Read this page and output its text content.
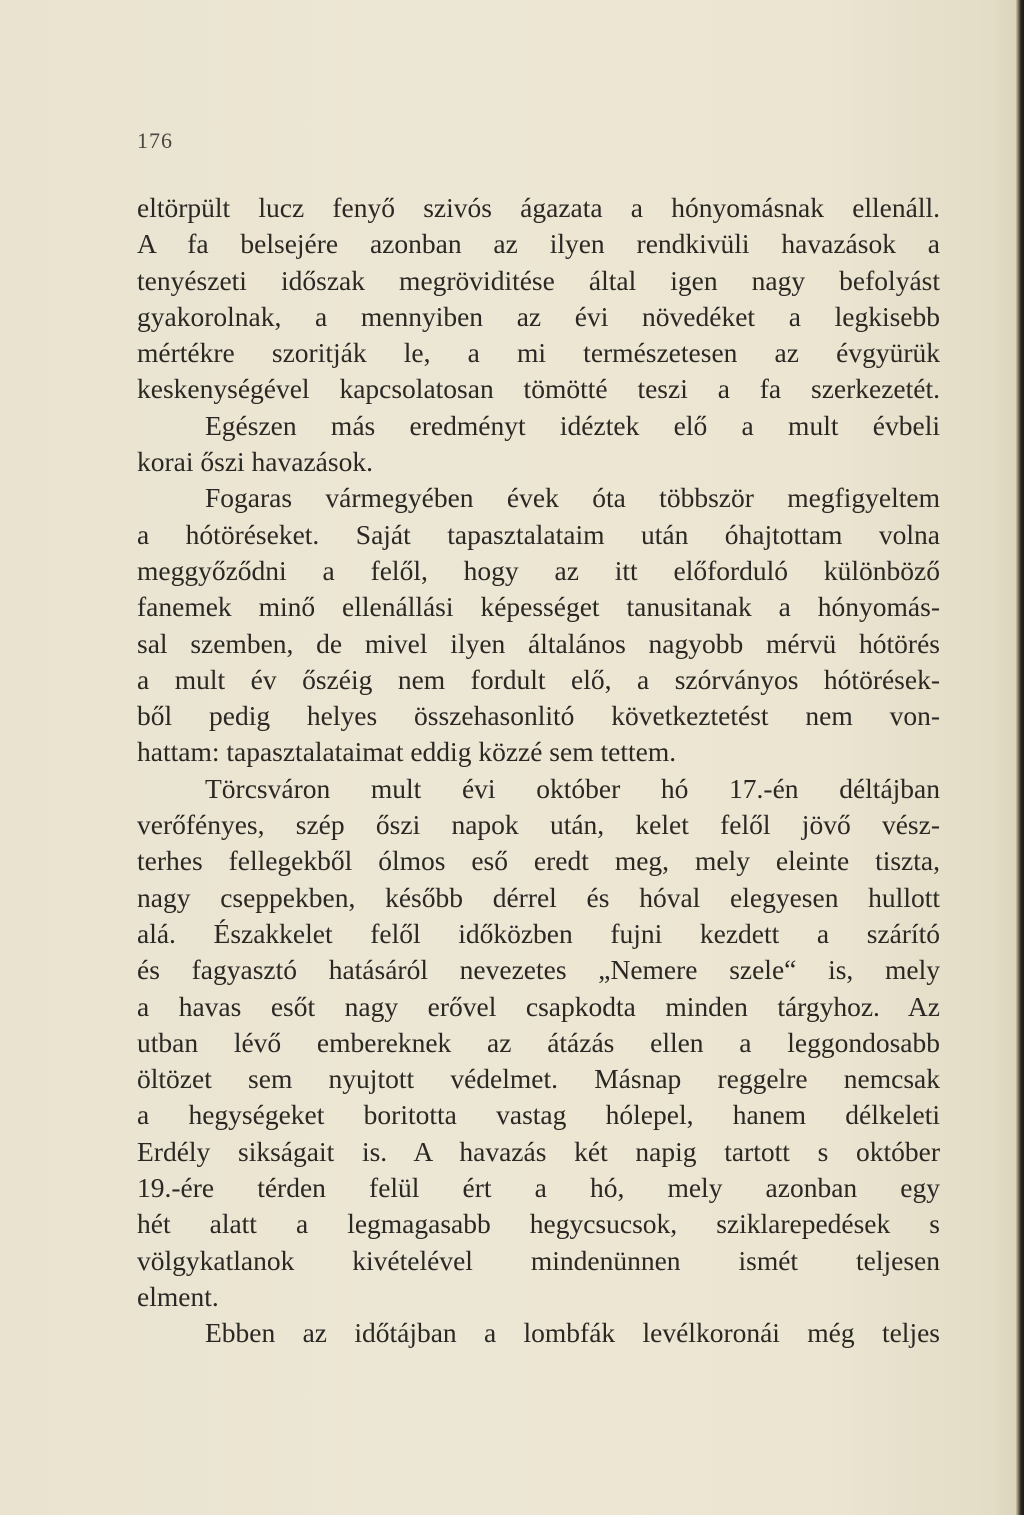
176
eltörpült lucz fenyő szivós ágazata a hónyomásnak ellenáll.
A fa belsejére azonban az ilyen rendkivüli havazások a
tenyészeti időszak megröviditése által igen nagy befolyást
gyakorolnak, a mennyiben az évi növedéket a legkisebb
mértékre szoritják le, a mi természetesen az évgyürük
keskenységével kapcsolatosan tömötté teszi a fa szerkezetét.
Egészen más eredményt idéztek elő a mult évbeli
korai őszi havazások.
Fogaras vármegyében évek óta többször megfigyeltem
a hótöréseket. Saját tapasztalataim után óhajtottam volna
meggyőződni a felől, hogy az itt előforduló különböző
fanemek minő ellenállási képességet tanusitanak a hónyomás-
sal szemben, de mivel ilyen általános nagyobb mérvü hótörés
a mult év őszéig nem fordult elő, a szórványos hótörések-
ből pedig helyes összehasonlitó következtetést nem von-
hattam: tapasztalataimat eddig közzé sem tettem.
Törcsváron mult évi október hó 17.-én déltájban
verőfényes, szép őszi napok után, kelet felől jövő vész-
terhes fellegekből ólmos eső eredt meg, mely eleinte tiszta,
nagy cseppekben, később dérrel és hóval elegyesen hullott
alá. Északkelet felől időközben fujni kezdett a szárító
és fagyasztó hatásáról nevezetes „Nemere szele“ is, mely
a havas esőt nagy erővel csapkodta minden tárgyhoz. Az
utban lévő embereknek az átázás ellen a leggondosabb
öltözet sem nyujtott védelmet. Másnap reggelre nemcsak
a hegységeket boritotta vastag hólepel, hanem délkeleti
Erdély sikságait is. A havazás két napig tartott s október
19.-ére térden felül ért a hó, mely azonban egy
hét alatt a legmagasabb hegycsucsok, sziklarepedések s
völgykatlanok kivételével mindenünnen ismét teljesen
elment.
Ebben az időtájban a lombfák levélkoronái még teljes
